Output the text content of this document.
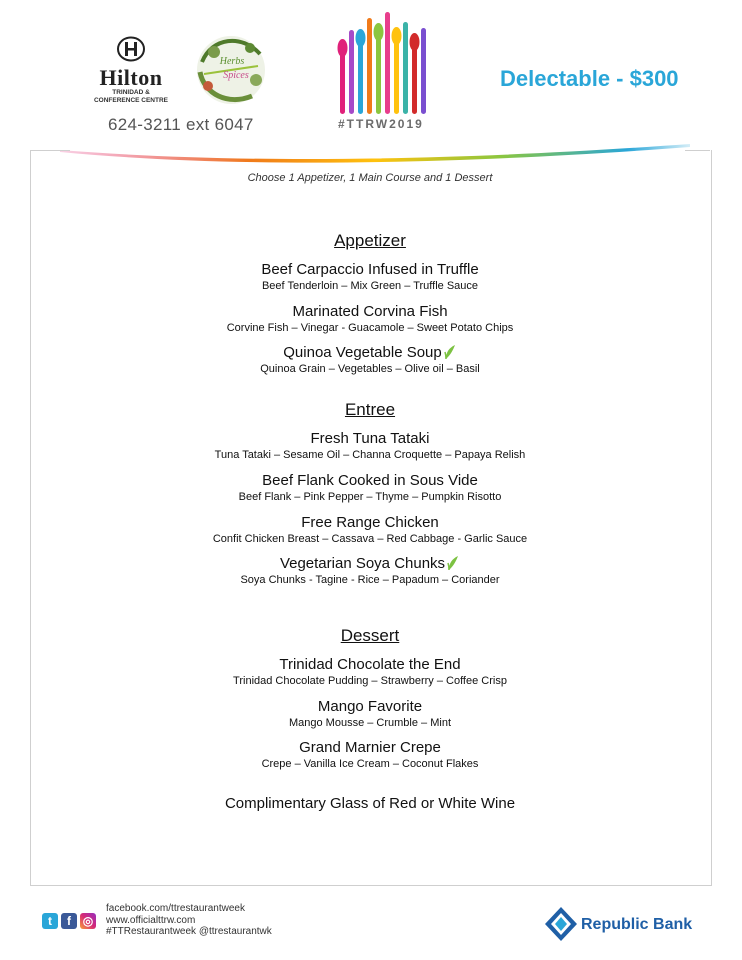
Hilton
TRINIDAD &
CONFERENCE CENTRE
Herbs
Spices
624-3211 ext 6047	#TTRW2019
Delectable - $300
Choose 1 Appetizer, 1 Main Course and 1 Dessert
Appetizer
Beef Carpaccio Infused in Truffle
Beef Tenderloin – Mix Green – Truffle Sauce
Marinated Corvina Fish
Corvine Fish – Vinegar - Guacamole – Sweet Potato Chips
Quinoa Vegetable Soup
Quinoa Grain – Vegetables – Olive oil – Basil
Entree
Fresh Tuna Tataki
Tuna Tataki – Sesame Oil – Channa Croquette – Papaya Relish
Beef Flank Cooked in Sous Vide
Beef Flank – Pink Pepper – Thyme – Pumpkin Risotto
Free Range Chicken
Confit Chicken Breast – Cassava – Red Cabbage - Garlic Sauce
Vegetarian Soya Chunks
Soya Chunks - Tagine - Rice – Papadum – Coriander
Dessert
Trinidad Chocolate the End
Trinidad Chocolate Pudding – Strawberry – Coffee Crisp
Mango Favorite
Mango Mousse – Crumble – Mint
Grand Marnier Crepe
Crepe – Vanilla Ice Cream – Coconut Flakes
Complimentary Glass of Red or White Wine
t f ◎
facebook.com/ttrestaurantweek
www.officialttrw.com
#TTRestaurantweek @ttrestaurantwk	Republic Bank
